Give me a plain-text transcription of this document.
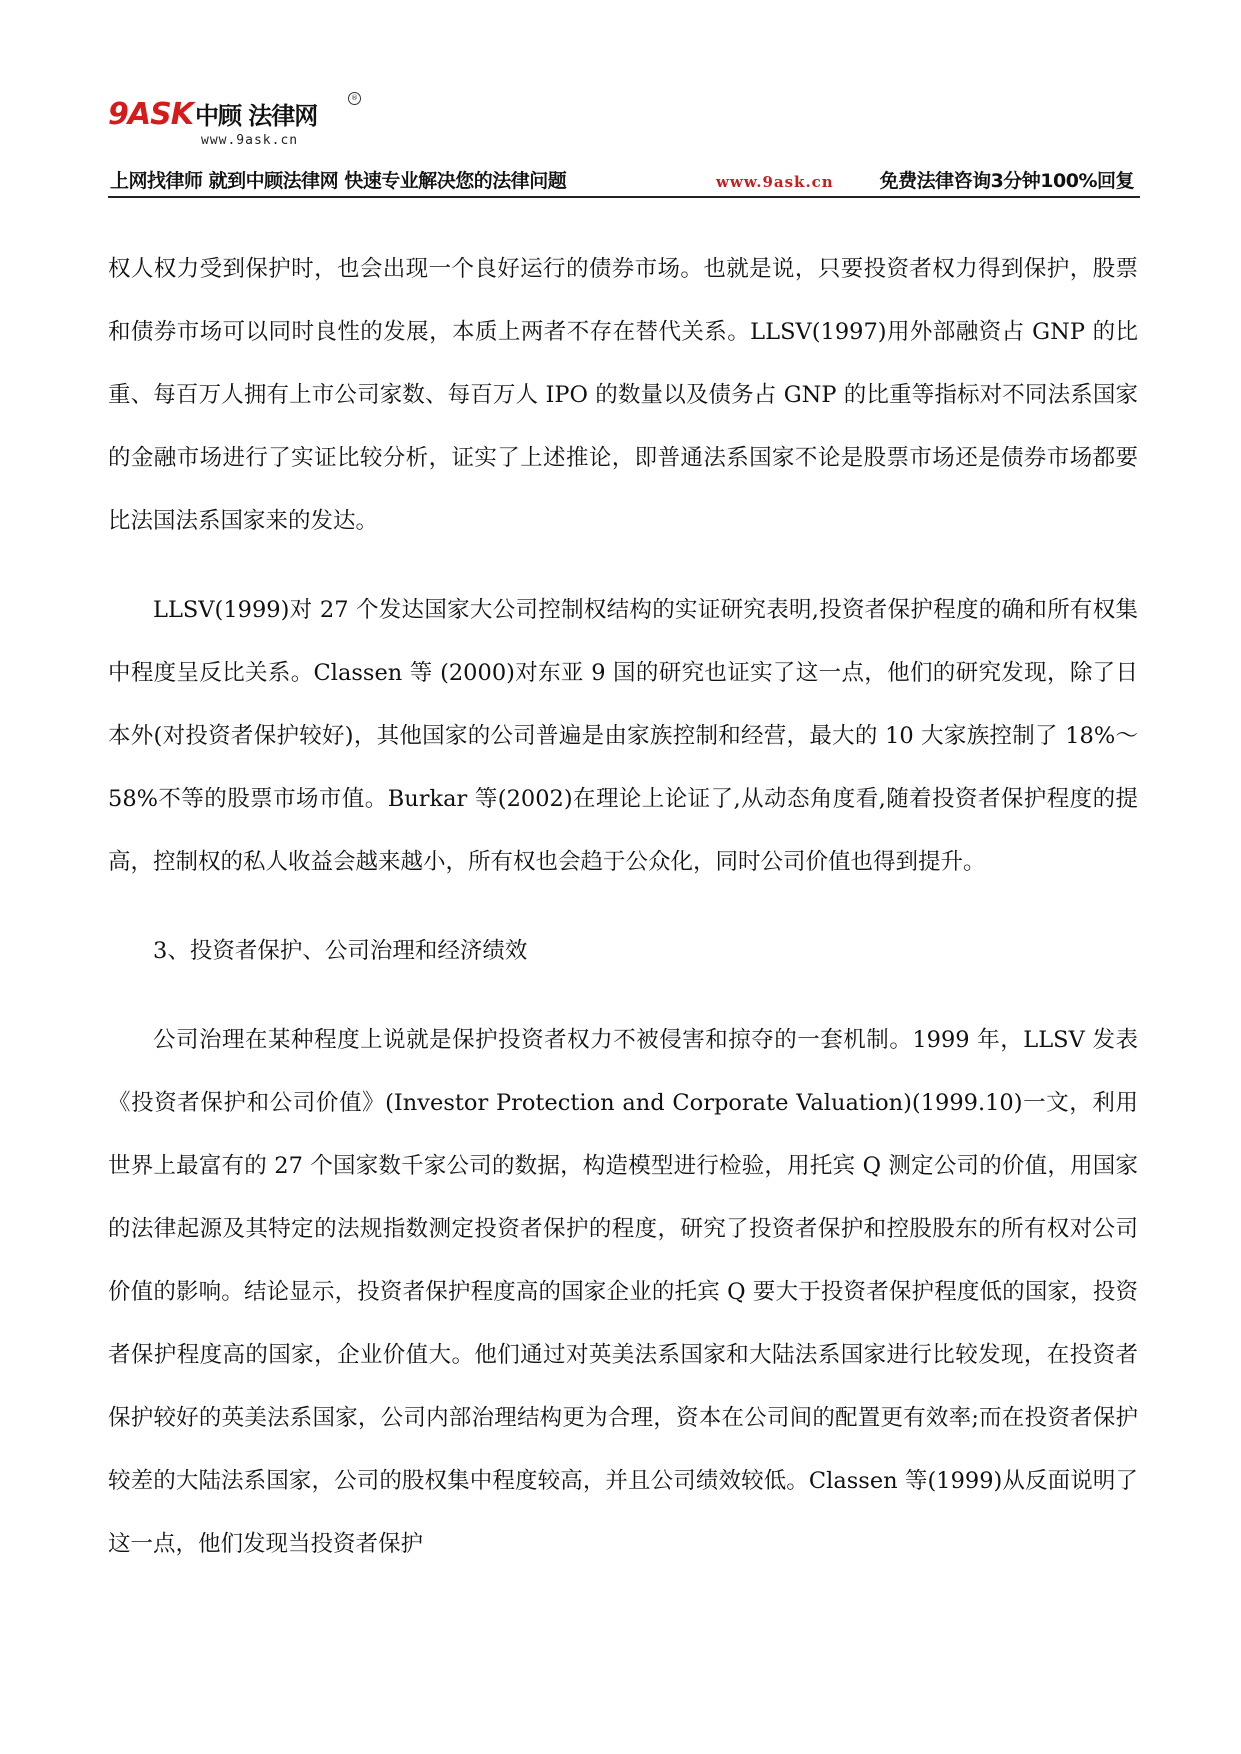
9ASK中顾 法律网
®
www.9ask.cn
上网找律师 就到中顾法律网 快速专业解决您的法律问题	www.9ask.cn 免费法律咨询3分钟100%回复

权人权力受到保护时，也会出现一个良好运行的债券市场。也就是说，只要投资者权力得到保护，股票和债券市场可以同时良性的发展，本质上两者不存在替代关系。LLSV(1997)用外部融资占 GNP 的比重、每百万人拥有上市公司家数、每百万人 IPO 的数量以及债务占 GNP 的比重等指标对不同法系国家的金融市场进行了实证比较分析，证实了上述推论，即普通法系国家不论是股票市场还是债券市场都要比法国法系国家来的发达。

LLSV(1999)对 27 个发达国家大公司控制权结构的实证研究表明,投资者保护程度的确和所有权集中程度呈反比关系。Classen 等 (2000)对东亚 9 国的研究也证实了这一点，他们的研究发现，除了日本外(对投资者保护较好)，其他国家的公司普遍是由家族控制和经营，最大的 10 大家族控制了 18%～58%不等的股票市场市值。Burkar 等(2002)在理论上论证了,从动态角度看,随着投资者保护程度的提高，控制权的私人收益会越来越小，所有权也会趋于公众化，同时公司价值也得到提升。

3、投资者保护、公司治理和经济绩效

公司治理在某种程度上说就是保护投资者权力不被侵害和掠夺的一套机制。1999 年，LLSV 发表《投资者保护和公司价值》(Investor Protection and Corporate Valuation)(1999.10)一文，利用世界上最富有的 27 个国家数千家公司的数据，构造模型进行检验，用托宾 Q 测定公司的价值，用国家的法律起源及其特定的法规指数测定投资者保护的程度，研究了投资者保护和控股股东的所有权对公司价值的影响。结论显示，投资者保护程度高的国家企业的托宾 Q 要大于投资者保护程度低的国家，投资者保护程度高的国家，企业价值大。他们通过对英美法系国家和大陆法系国家进行比较发现，在投资者保护较好的英美法系国家，公司内部治理结构更为合理，资本在公司间的配置更有效率;而在投资者保护较差的大陆法系国家，公司的股权集中程度较高，并且公司绩效较低。Classen 等(1999)从反面说明了这一点，他们发现当投资者保护
